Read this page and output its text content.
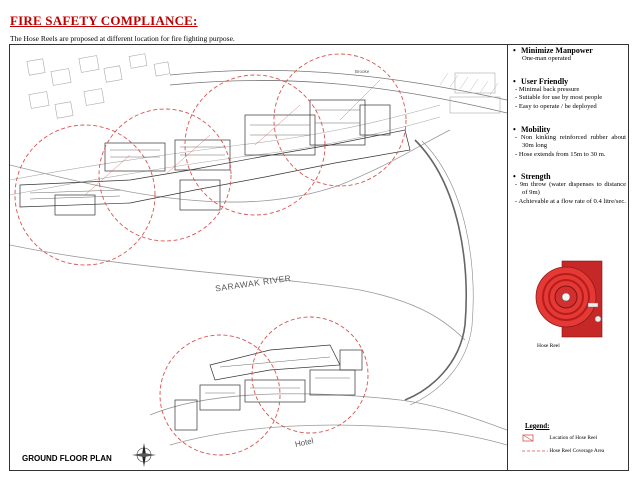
FIRE SAFETY COMPLIANCE:
The Hose Reels are proposed at different location for fire fighting purpose.
SARAWAK RIVER
Hotel
Brooke
GROUND FLOOR PLAN
• Minimize Manpower
One-man operated
• User Friendly
- Minimal back pressure
- Suitable for use by most people
- Easy to operate / be deployed
• Mobility
- Non kinking reinforced rubber about 30m long
- Hose extends from 15m to 30 m.
• Strength
- 9m throw (water dispenses to distance of 9m)
- Achievable at a flow rate of 0.4 litre/sec.
Hose Reel
Legend:
Location of Hose Reel
Hose Reel Coverage Area
